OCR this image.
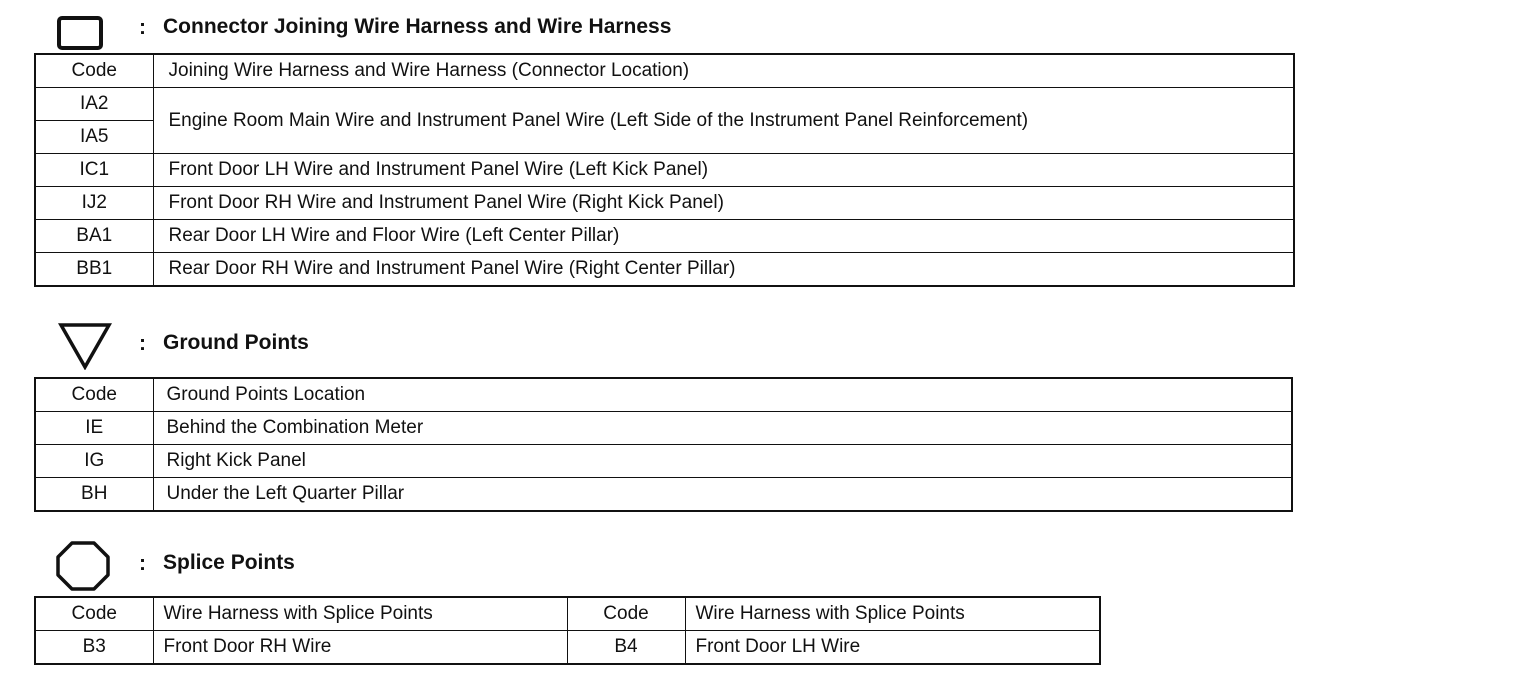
: Connector Joining Wire Harness and Wire Harness
Code	Joining Wire Harness and Wire Harness (Connector Location)
IA2	Engine Room Main Wire and Instrument Panel Wire (Left Side of the Instrument Panel Reinforcement)
IA5	
IC1	Front Door LH Wire and Instrument Panel Wire (Left Kick Panel)
IJ2	Front Door RH Wire and Instrument Panel Wire (Right Kick Panel)
BA1	Rear Door LH Wire and Floor Wire (Left Center Pillar)
BB1	Rear Door RH Wire and Instrument Panel Wire (Right Center Pillar)
: Ground Points
Code	Ground Points Location
IE	Behind the Combination Meter
IG	Right Kick Panel
BH	Under the Left Quarter Pillar
: Splice Points
Code	Wire Harness with Splice Points	Code	Wire Harness with Splice Points
B3	Front Door RH Wire	B4	Front Door LH Wire
